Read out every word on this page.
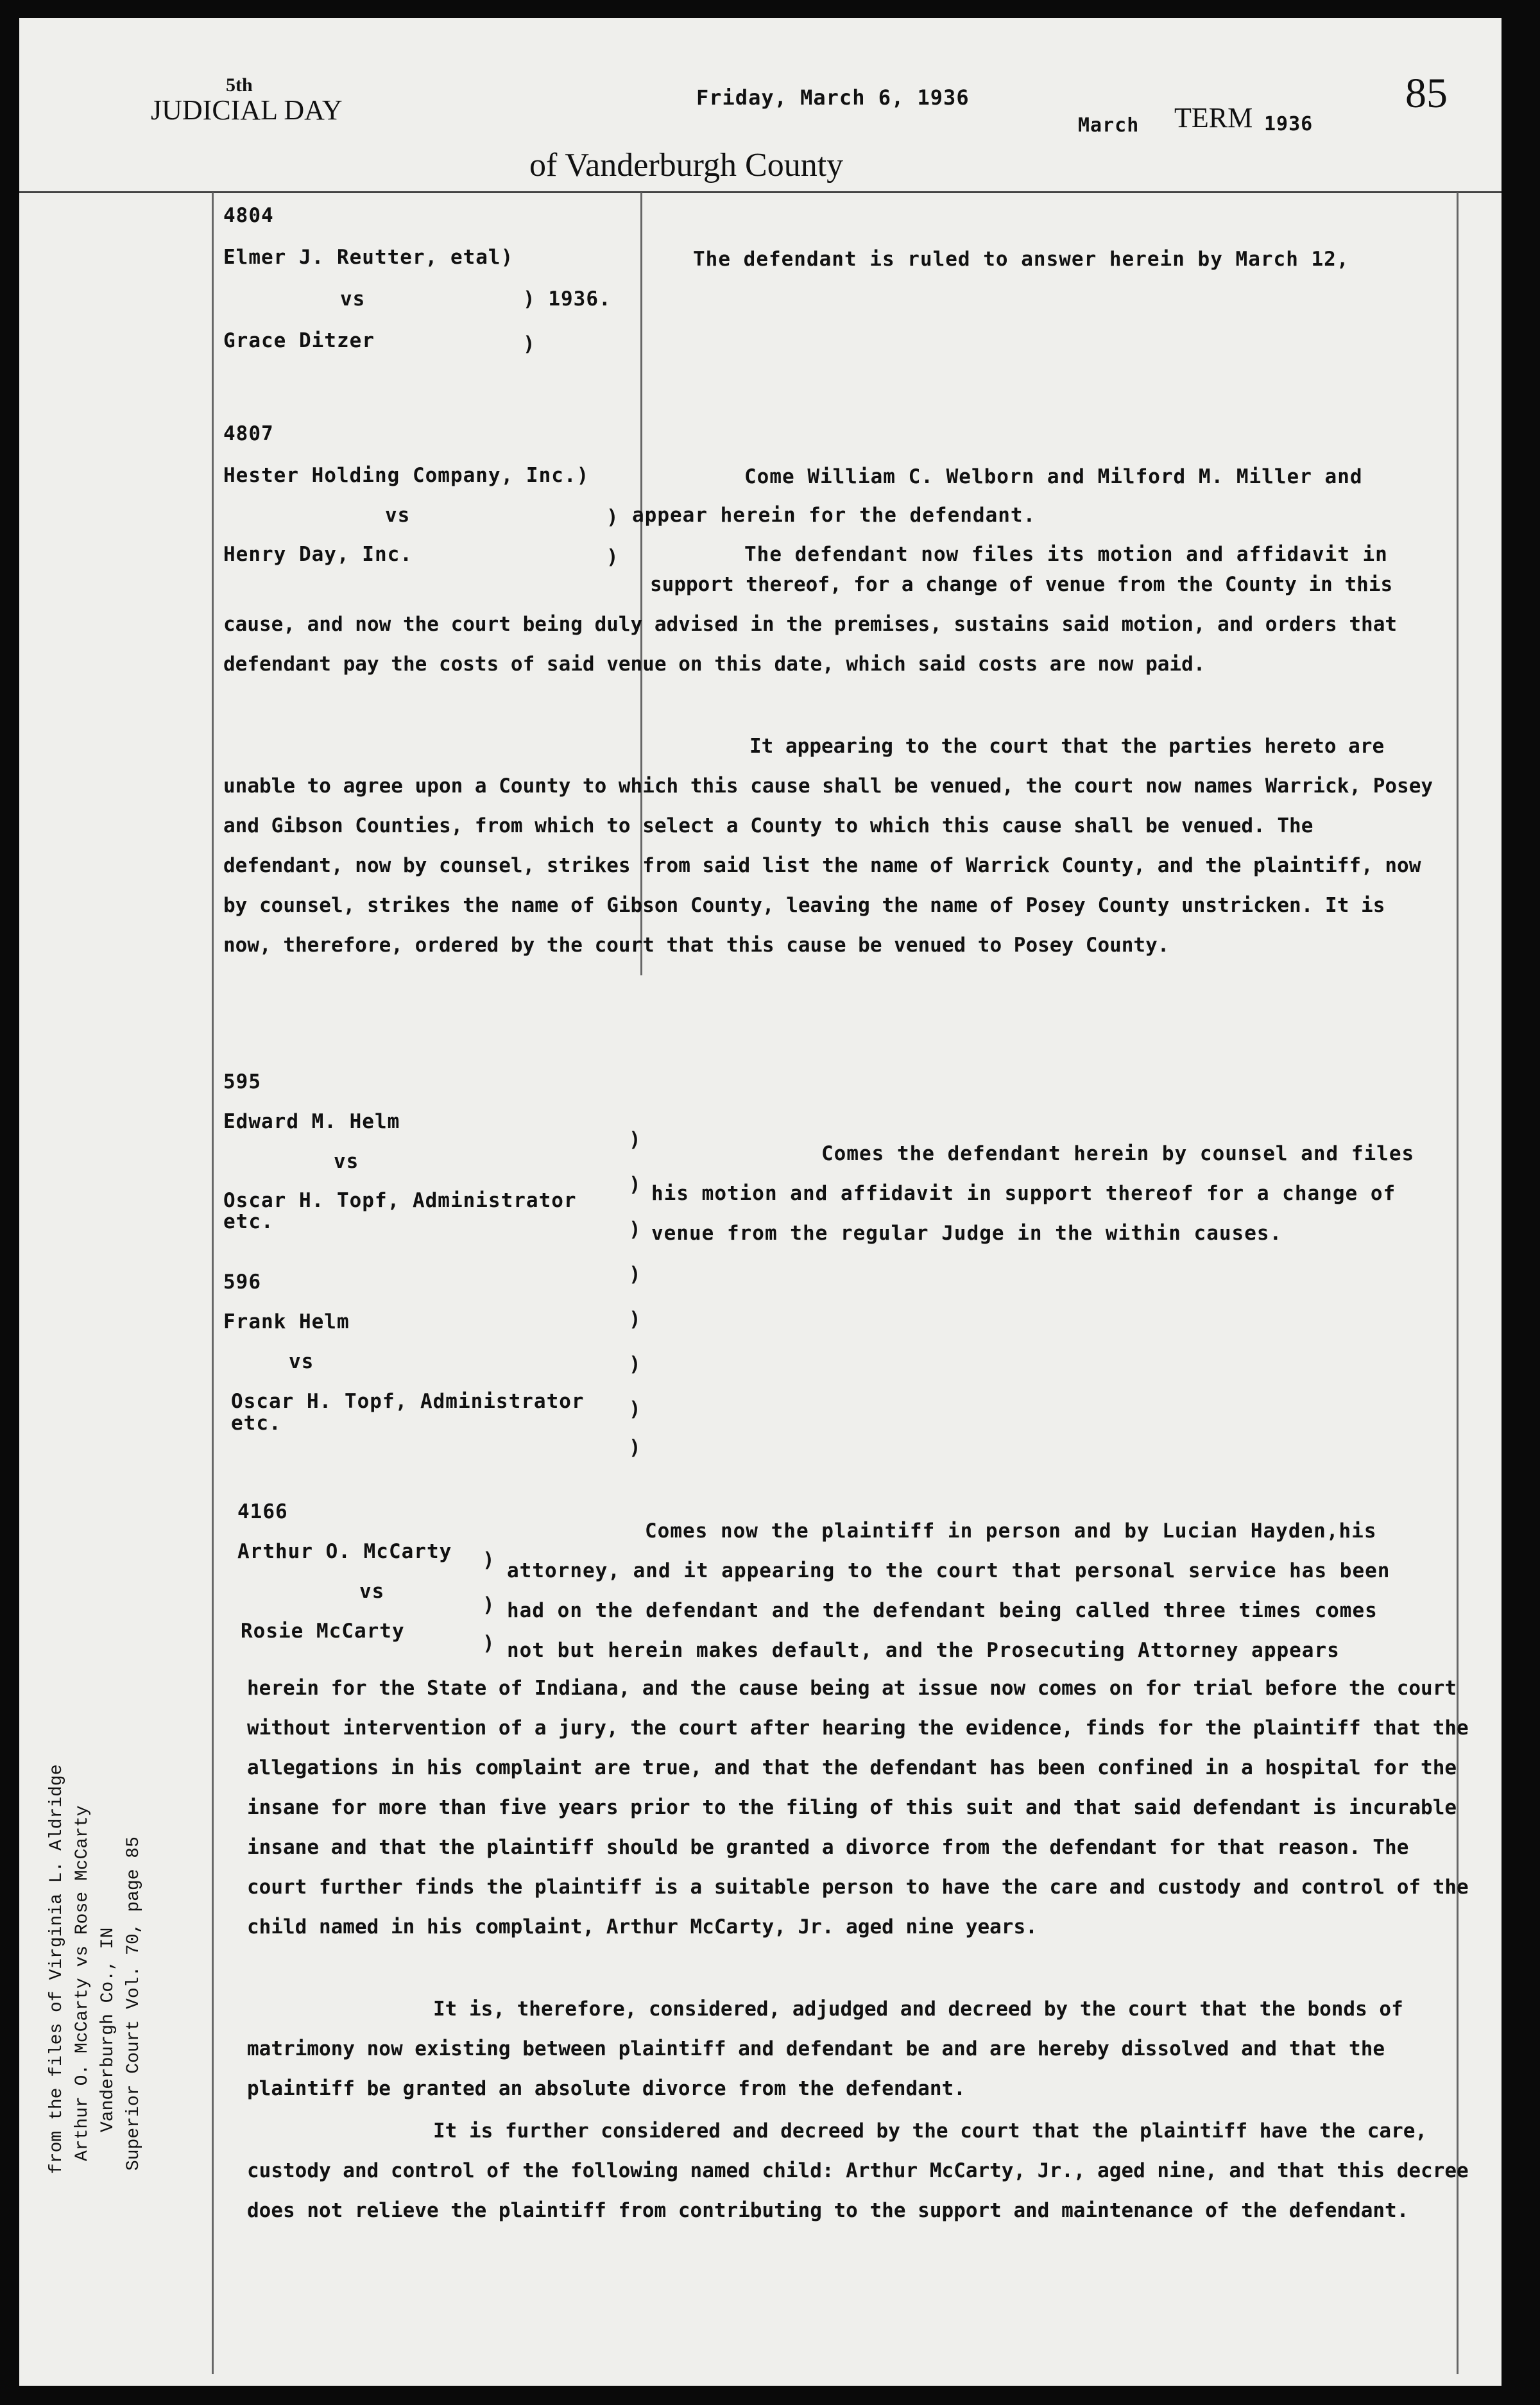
5th
JUDICIAL DAY	Friday, March 6, 1936
March TERM 1936
85
of Vanderburgh County
4804
Elmer J. Reutter, etal)
vs	) 1936.
Grace Ditzer	)
The defendant is ruled to answer herein by March 12,
4807
Hester Holding Company, Inc.)
vs	)
Henry Day, Inc.	)
Come William C. Welborn and Milford M. Miller and
appear herein for the defendant.
The defendant now files its motion and affidavit in
support thereof, for a change of venue from the County in this cause, and now the court being duly advised in the premises, sustains said motion, and orders that defendant pay the costs of said venue on this date, which said costs are now paid.
It appearing to the court that the parties hereto are unable to agree upon a County to which this cause shall be venued, the court now names Warrick, Posey and Gibson Counties, from which to select a County to which this cause shall be venued. The defendant, now by counsel, strikes from said list the name of Warrick County, and the plaintiff, now by counsel, strikes the name of Gibson County, leaving the name of Posey County unstricken. It is now, therefore, ordered by the court that this cause be venued to Posey County.
595
Edward M. Helm
vs
Oscar H. Topf, Administrator
etc.
596
Frank Helm
vs
Oscar H. Topf, Administrator
etc.
)
)
)
)
)
)
)
)
Comes the defendant herein by counsel and files
his motion and affidavit in support thereof for a change of
venue from the regular Judge in the within causes.
4166
Arthur O. McCarty
vs
Rosie McCarty
)
)
)
Comes now the plaintiff in person and by Lucian Hayden,his
attorney, and it appearing to the court that personal service has been
had on the defendant and the defendant being called three times comes
not but herein makes default, and the Prosecuting Attorney appears
herein for the State of Indiana, and the cause being at issue now comes on for trial before the court without intervention of a jury, the court after hearing the evidence, finds for the plaintiff that the allegations in his complaint are true, and that the defendant has been confined in a hospital for the insane for more than five years prior to the filing of this suit and that said defendant is incurable insane and that the plaintiff should be granted a divorce from the defendant for that reason. The court further finds the plaintiff is a suitable person to have the care and custody and control of the child named in his complaint, Arthur McCarty, Jr. aged nine years.
It is, therefore, considered, adjudged and decreed by the court that the bonds of matrimony now existing between plaintiff and defendant be and are hereby dissolved and that the plaintiff be granted an absolute divorce from the defendant.
It is further considered and decreed by the court that the plaintiff have the care, custody and control of the following named child: Arthur McCarty, Jr., aged nine, and that this decree does not relieve the plaintiff from contributing to the support and maintenance of the defendant.
from the files of Virginia L. Aldridge Arthur O. McCarty vs Rose McCarty Vanderburgh Co., IN Superior Court Vol. 70, page 85
